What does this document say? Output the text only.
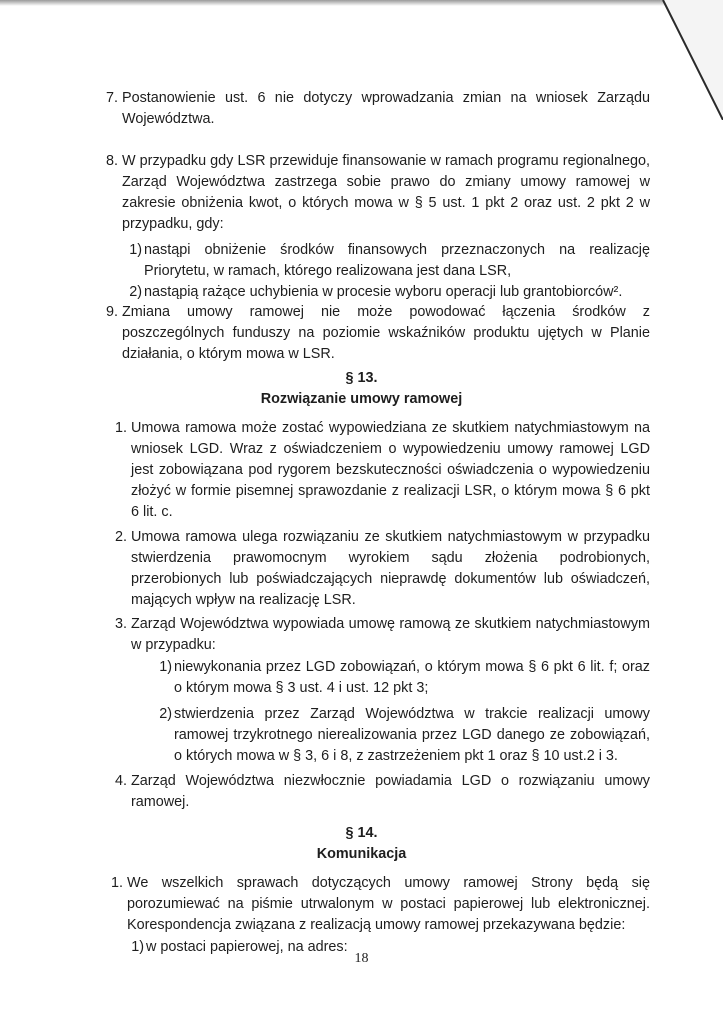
7. Postanowienie ust. 6 nie dotyczy wprowadzania zmian na wniosek Zarządu Województwa.
8. W przypadku gdy LSR przewiduje finansowanie w ramach programu regionalnego, Zarząd Województwa zastrzega sobie prawo do zmiany umowy ramowej w zakresie obniżenia kwot, o których mowa w § 5 ust. 1 pkt 2 oraz ust. 2 pkt 2 w przypadku, gdy:
1) nastąpi obniżenie środków finansowych przeznaczonych na realizację Priorytetu, w ramach, którego realizowana jest dana LSR,
2) nastąpią rażące uchybienia w procesie wyboru operacji lub grantobiorców².
9. Zmiana umowy ramowej nie może powodować łączenia środków z poszczególnych funduszy na poziomie wskaźników produktu ujętych w Planie działania, o którym mowa w LSR.
§ 13.
Rozwiązanie umowy ramowej
1. Umowa ramowa może zostać wypowiedziana ze skutkiem natychmiastowym na wniosek LGD. Wraz z oświadczeniem o wypowiedzeniu umowy ramowej LGD jest zobowiązana pod rygorem bezskuteczności oświadczenia o wypowiedzeniu złożyć w formie pisemnej sprawozdanie z realizacji LSR, o którym mowa § 6 pkt 6 lit. c.
2. Umowa ramowa ulega rozwiązaniu ze skutkiem natychmiastowym w przypadku stwierdzenia prawomocnym wyrokiem sądu złożenia podrobionych, przerobionych lub poświadczających nieprawdę dokumentów lub oświadczeń, mających wpływ na realizację LSR.
3. Zarząd Województwa wypowiada umowę ramową ze skutkiem natychmiastowym w przypadku:
1) niewykonania przez LGD zobowiązań, o którym mowa § 6 pkt 6 lit. f; oraz o którym mowa § 3 ust. 4 i ust. 12 pkt 3;
2) stwierdzenia przez Zarząd Województwa w trakcie realizacji umowy ramowej trzykrotnego nierealizowania przez LGD danego ze zobowiązań, o których mowa w § 3, 6 i 8, z zastrzeżeniem pkt 1 oraz § 10 ust.2 i 3.
4. Zarząd Województwa niezwłocznie powiadamia LGD o rozwiązaniu umowy ramowej.
§ 14.
Komunikacja
1. We wszelkich sprawach dotyczących umowy ramowej Strony będą się porozumiewać na piśmie utrwalonym w postaci papierowej lub elektronicznej. Korespondencja związana z realizacją umowy ramowej przekazywana będzie:
1) w postaci papierowej, na adres:
18
